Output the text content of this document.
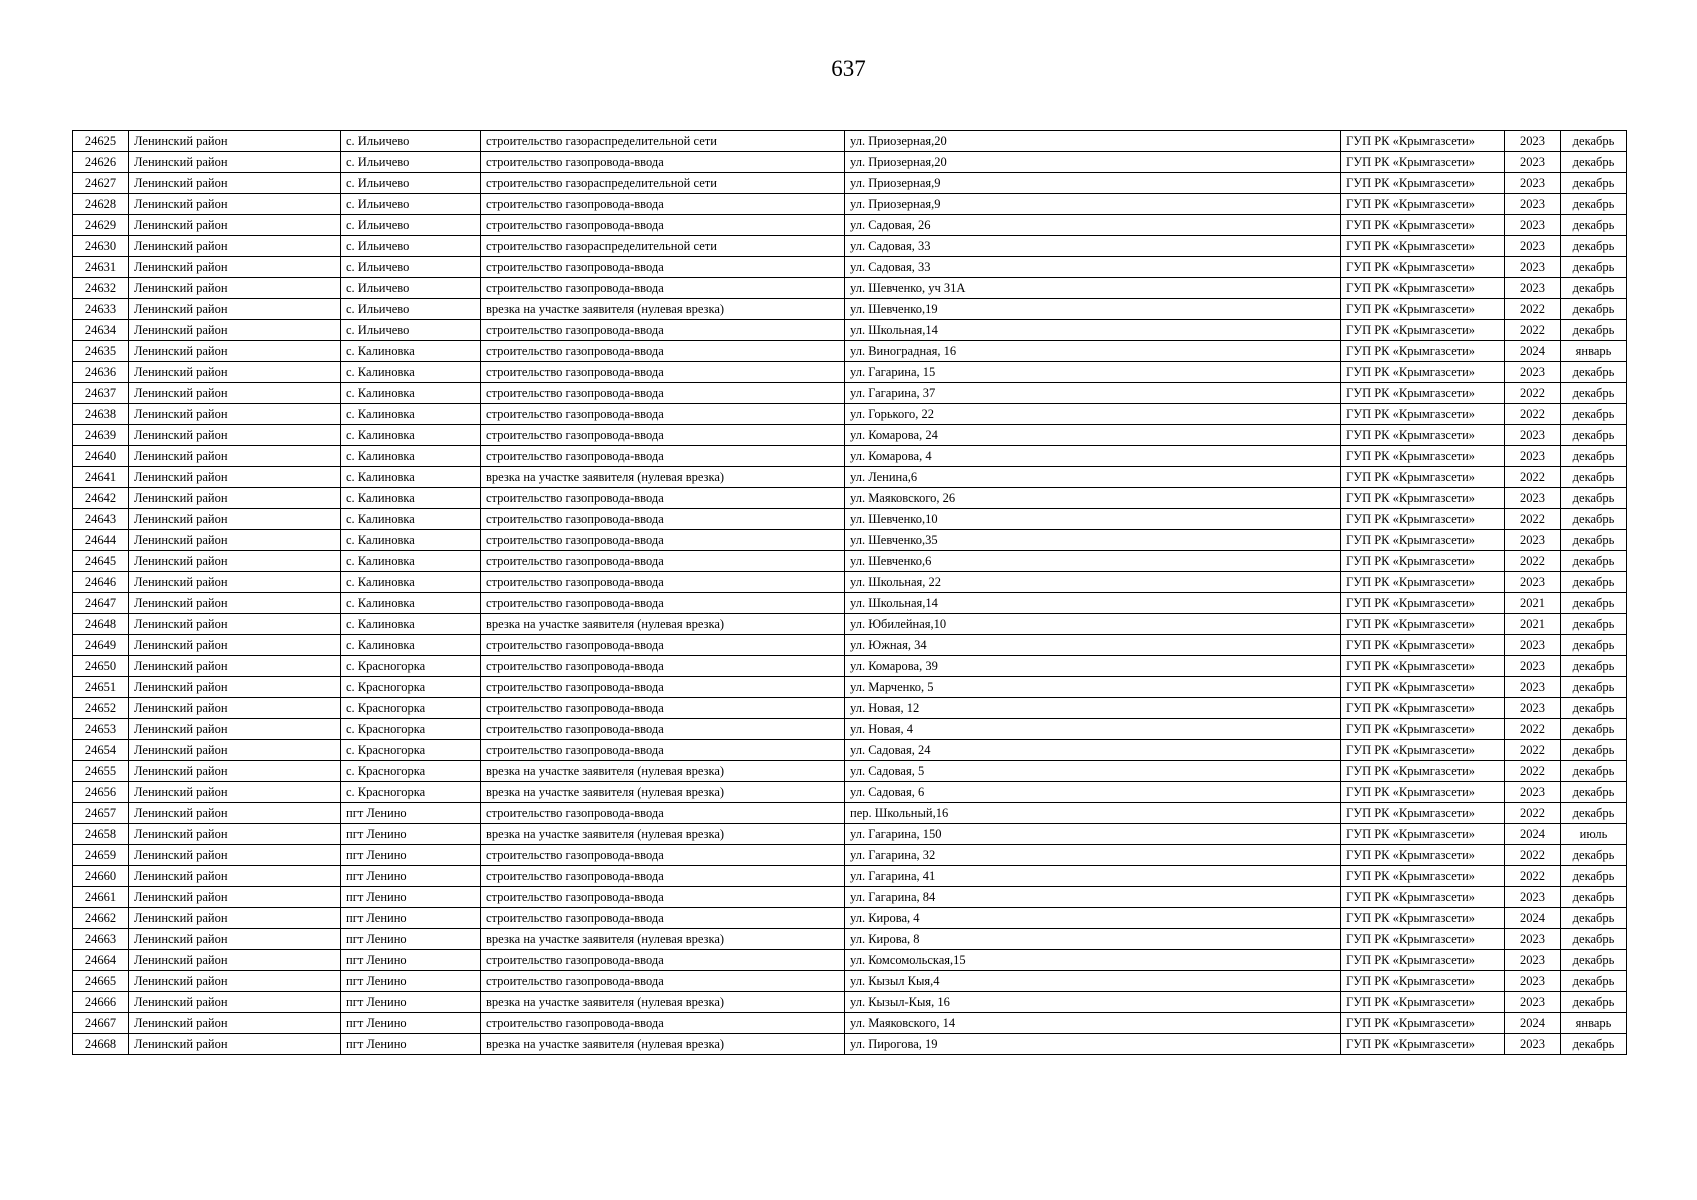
637
24625	Ленинский район	с. Ильичево	строительство газораспределительной сети	ул. Приозерная,20	ГУП РК «Крымгазсети»	2023	декабрь
24626	Ленинский район	с. Ильичево	строительство газопровода-ввода	ул. Приозерная,20	ГУП РК «Крымгазсети»	2023	декабрь
24627	Ленинский район	с. Ильичево	строительство газораспределительной сети	ул. Приозерная,9	ГУП РК «Крымгазсети»	2023	декабрь
24628	Ленинский район	с. Ильичево	строительство газопровода-ввода	ул. Приозерная,9	ГУП РК «Крымгазсети»	2023	декабрь
24629	Ленинский район	с. Ильичево	строительство газопровода-ввода	ул. Садовая, 26	ГУП РК «Крымгазсети»	2023	декабрь
24630	Ленинский район	с. Ильичево	строительство газораспределительной сети	ул. Садовая, 33	ГУП РК «Крымгазсети»	2023	декабрь
24631	Ленинский район	с. Ильичево	строительство газопровода-ввода	ул. Садовая, 33	ГУП РК «Крымгазсети»	2023	декабрь
24632	Ленинский район	с. Ильичево	строительство газопровода-ввода	ул. Шевченко, уч 31А	ГУП РК «Крымгазсети»	2023	декабрь
24633	Ленинский район	с. Ильичево	врезка на участке заявителя (нулевая врезка)	ул. Шевченко,19	ГУП РК «Крымгазсети»	2022	декабрь
24634	Ленинский район	с. Ильичево	строительство газопровода-ввода	ул. Школьная,14	ГУП РК «Крымгазсети»	2022	декабрь
24635	Ленинский район	с. Калиновка	строительство газопровода-ввода	ул. Виноградная, 16	ГУП РК «Крымгазсети»	2024	январь
24636	Ленинский район	с. Калиновка	строительство газопровода-ввода	ул. Гагарина, 15	ГУП РК «Крымгазсети»	2023	декабрь
24637	Ленинский район	с. Калиновка	строительство газопровода-ввода	ул. Гагарина, 37	ГУП РК «Крымгазсети»	2022	декабрь
24638	Ленинский район	с. Калиновка	строительство газопровода-ввода	ул. Горького, 22	ГУП РК «Крымгазсети»	2022	декабрь
24639	Ленинский район	с. Калиновка	строительство газопровода-ввода	ул. Комарова, 24	ГУП РК «Крымгазсети»	2023	декабрь
24640	Ленинский район	с. Калиновка	строительство газопровода-ввода	ул. Комарова, 4	ГУП РК «Крымгазсети»	2023	декабрь
24641	Ленинский район	с. Калиновка	врезка на участке заявителя (нулевая врезка)	ул. Ленина,6	ГУП РК «Крымгазсети»	2022	декабрь
24642	Ленинский район	с. Калиновка	строительство газопровода-ввода	ул. Маяковского, 26	ГУП РК «Крымгазсети»	2023	декабрь
24643	Ленинский район	с. Калиновка	строительство газопровода-ввода	ул. Шевченко,10	ГУП РК «Крымгазсети»	2022	декабрь
24644	Ленинский район	с. Калиновка	строительство газопровода-ввода	ул. Шевченко,35	ГУП РК «Крымгазсети»	2023	декабрь
24645	Ленинский район	с. Калиновка	строительство газопровода-ввода	ул. Шевченко,6	ГУП РК «Крымгазсети»	2022	декабрь
24646	Ленинский район	с. Калиновка	строительство газопровода-ввода	ул. Школьная, 22	ГУП РК «Крымгазсети»	2023	декабрь
24647	Ленинский район	с. Калиновка	строительство газопровода-ввода	ул. Школьная,14	ГУП РК «Крымгазсети»	2021	декабрь
24648	Ленинский район	с. Калиновка	врезка на участке заявителя (нулевая врезка)	ул. Юбилейная,10	ГУП РК «Крымгазсети»	2021	декабрь
24649	Ленинский район	с. Калиновка	строительство газопровода-ввода	ул. Южная, 34	ГУП РК «Крымгазсети»	2023	декабрь
24650	Ленинский район	с. Красногорка	строительство газопровода-ввода	ул. Комарова, 39	ГУП РК «Крымгазсети»	2023	декабрь
24651	Ленинский район	с. Красногорка	строительство газопровода-ввода	ул. Марченко, 5	ГУП РК «Крымгазсети»	2023	декабрь
24652	Ленинский район	с. Красногорка	строительство газопровода-ввода	ул. Новая, 12	ГУП РК «Крымгазсети»	2023	декабрь
24653	Ленинский район	с. Красногорка	строительство газопровода-ввода	ул. Новая, 4	ГУП РК «Крымгазсети»	2022	декабрь
24654	Ленинский район	с. Красногорка	строительство газопровода-ввода	ул. Садовая, 24	ГУП РК «Крымгазсети»	2022	декабрь
24655	Ленинский район	с. Красногорка	врезка на участке заявителя (нулевая врезка)	ул. Садовая, 5	ГУП РК «Крымгазсети»	2022	декабрь
24656	Ленинский район	с. Красногорка	врезка на участке заявителя (нулевая врезка)	ул. Садовая, 6	ГУП РК «Крымгазсети»	2023	декабрь
24657	Ленинский район	пгт Ленино	строительство газопровода-ввода	пер. Школьный,16	ГУП РК «Крымгазсети»	2022	декабрь
24658	Ленинский район	пгт Ленино	врезка на участке заявителя (нулевая врезка)	ул. Гагарина, 150	ГУП РК «Крымгазсети»	2024	июль
24659	Ленинский район	пгт Ленино	строительство газопровода-ввода	ул. Гагарина, 32	ГУП РК «Крымгазсети»	2022	декабрь
24660	Ленинский район	пгт Ленино	строительство газопровода-ввода	ул. Гагарина, 41	ГУП РК «Крымгазсети»	2022	декабрь
24661	Ленинский район	пгт Ленино	строительство газопровода-ввода	ул. Гагарина, 84	ГУП РК «Крымгазсети»	2023	декабрь
24662	Ленинский район	пгт Ленино	строительство газопровода-ввода	ул. Кирова, 4	ГУП РК «Крымгазсети»	2024	декабрь
24663	Ленинский район	пгт Ленино	врезка на участке заявителя (нулевая врезка)	ул. Кирова, 8	ГУП РК «Крымгазсети»	2023	декабрь
24664	Ленинский район	пгт Ленино	строительство газопровода-ввода	ул. Комсомольская,15	ГУП РК «Крымгазсети»	2023	декабрь
24665	Ленинский район	пгт Ленино	строительство газопровода-ввода	ул. Кызыл Кыя,4	ГУП РК «Крымгазсети»	2023	декабрь
24666	Ленинский район	пгт Ленино	врезка на участке заявителя (нулевая врезка)	ул. Кызыл-Кыя, 16	ГУП РК «Крымгазсети»	2023	декабрь
24667	Ленинский район	пгт Ленино	строительство газопровода-ввода	ул. Маяковского, 14	ГУП РК «Крымгазсети»	2024	январь
24668	Ленинский район	пгт Ленино	врезка на участке заявителя (нулевая врезка)	ул. Пирогова, 19	ГУП РК «Крымгазсети»	2023	декабрь
